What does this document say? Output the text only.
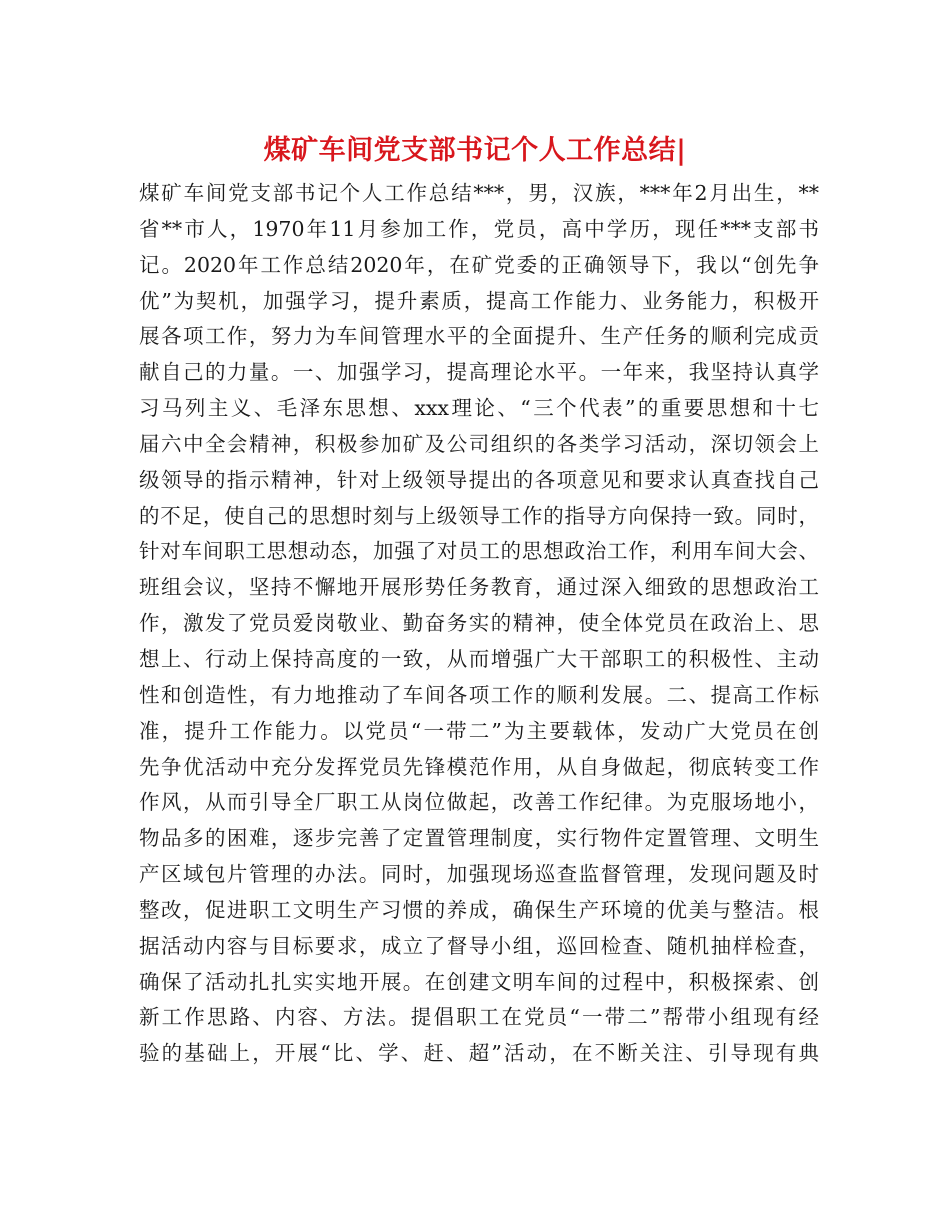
煤矿车间党支部书记个人工作总结|
煤矿车间党支部书记个人工作总结***，男，汉族，***年2月出生，**
省**市人，1970年11月参加工作，党员，高中学历，现任***支部书
记。2020年工作总结2020年，在矿党委的正确领导下，我以“创先争
优”为契机，加强学习，提升素质，提高工作能力、业务能力，积极开
展各项工作，努力为车间管理水平的全面提升、生产任务的顺利完成贡
献自己的力量。一、加强学习，提高理论水平。一年来，我坚持认真学
习马列主义、毛泽东思想、xxx理论、“三个代表”的重要思想和十七
届六中全会精神，积极参加矿及公司组织的各类学习活动，深切领会上
级领导的指示精神，针对上级领导提出的各项意见和要求认真查找自己
的不足，使自己的思想时刻与上级领导工作的指导方向保持一致。同时，
针对车间职工思想动态，加强了对员工的思想政治工作，利用车间大会、
班组会议，坚持不懈地开展形势任务教育，通过深入细致的思想政治工
作，激发了党员爱岗敬业、勤奋务实的精神，使全体党员在政治上、思
想上、行动上保持高度的一致，从而增强广大干部职工的积极性、主动
性和创造性，有力地推动了车间各项工作的顺利发展。二、提高工作标
准，提升工作能力。以党员“一带二”为主要载体，发动广大党员在创
先争优活动中充分发挥党员先锋模范作用，从自身做起，彻底转变工作
作风，从而引导全厂职工从岗位做起，改善工作纪律。为克服场地小，
物品多的困难，逐步完善了定置管理制度，实行物件定置管理、文明生
产区域包片管理的办法。同时，加强现场巡查监督管理，发现问题及时
整改，促进职工文明生产习惯的养成，确保生产环境的优美与整洁。根
据活动内容与目标要求，成立了督导小组，巡回检查、随机抽样检查，
确保了活动扎扎实实地开展。在创建文明车间的过程中，积极探索、创
新工作思路、内容、方法。提倡职工在党员“一带二”帮带小组现有经
验的基础上，开展“比、学、赶、超”活动，在不断关注、引导现有典
